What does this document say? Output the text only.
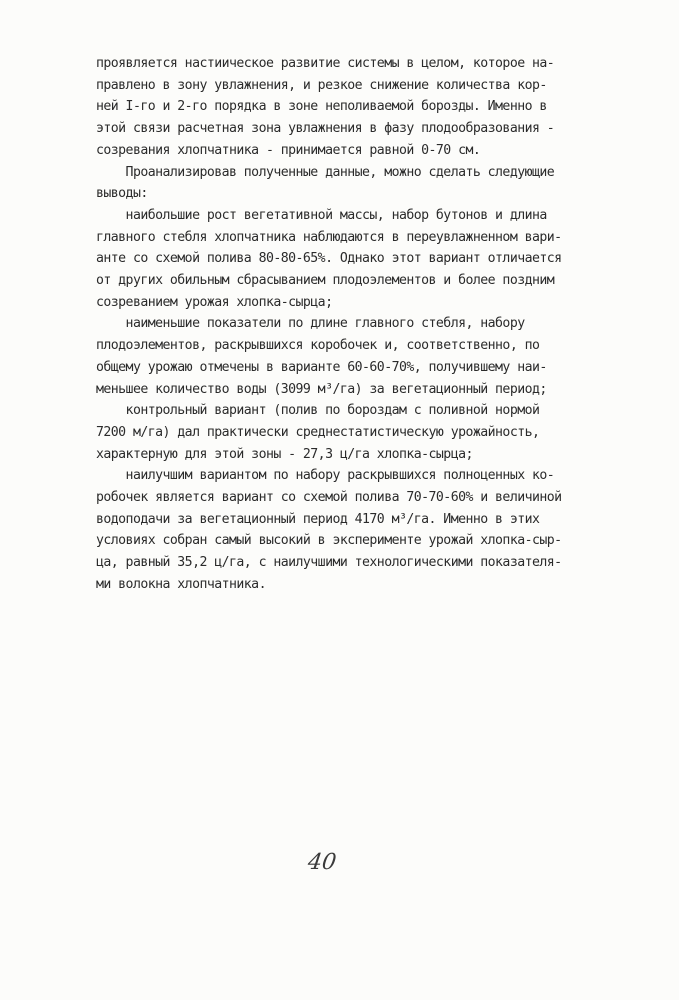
проявляется настиическое развитие системы в целом, которое на-
правлено в зону увлажнения, и резкое снижение количества кор-
ней I-го и 2-го порядка в зоне неполиваемой борозды. Именно в
этой связи расчетная зона увлажнения в фазу плодообразования -
созревания хлопчатника - принимается равной 0-70 см.
Проанализировав полученные данные, можно сделать следующие
выводы:
наибольшие рост вегетативной массы, набор бутонов и длина
главного стебля хлопчатника наблюдаются в переувлажненном вари-
анте со схемой полива 80-80-65%. Однако этот вариант отличается
от других обильным сбрасыванием плодоэлементов и более поздним
созреванием урожая хлопка-сырца;
наименьшие показатели по длине главного стебля, набору
плодоэлементов, раскрывшихся коробочек и, соответственно, по
общему урожаю отмечены в варианте 60-60-70%, получившему наи-
меньшее количество воды (3099 м³/га) за вегетационный период;
контрольный вариант (полив по бороздам с поливной нормой
7200 м/га) дал практически среднестатистическую урожайность,
характерную для этой зоны - 27,3 ц/га хлопка-сырца;
наилучшим вариантом по набору раскрывшихся полноценных ко-
робочек является вариант со схемой полива 70-70-60% и величиной
водоподачи за вегетационный период 4170 м³/га. Именно в этих
условиях собран самый высокий в эксперименте урожай хлопка-сыр-
ца, равный 35,2 ц/га, с наилучшими технологическими показателя-
ми волокна хлопчатника.
40
